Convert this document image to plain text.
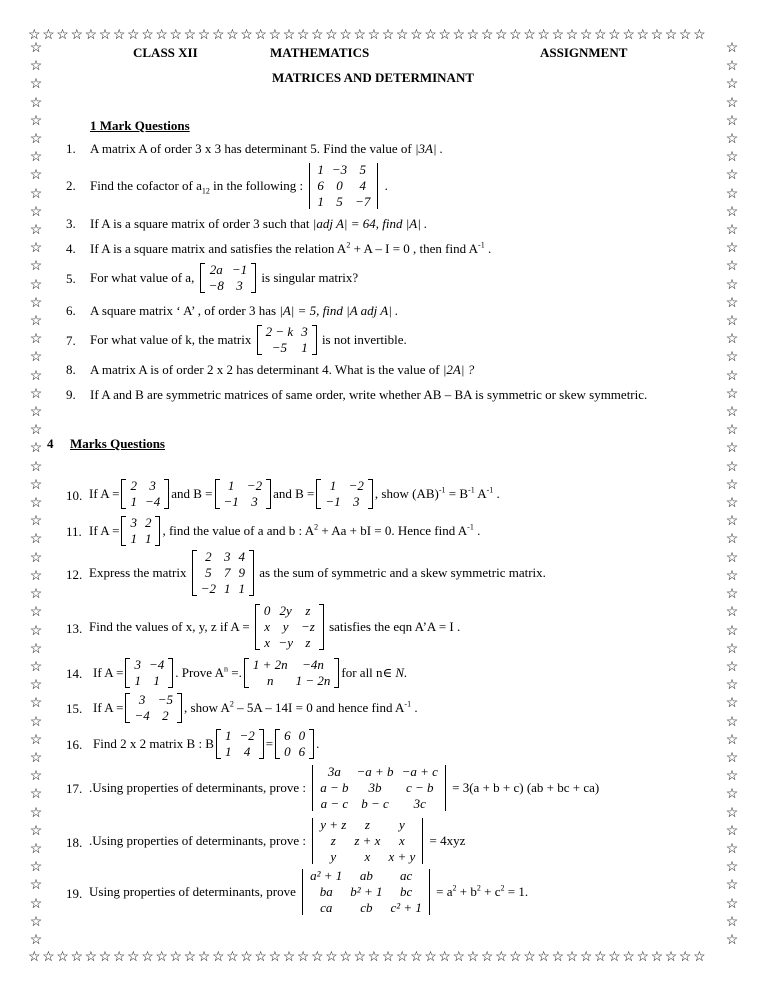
☆☆☆☆☆☆☆☆☆☆☆☆☆☆☆☆☆☆☆☆☆☆☆☆☆☆☆☆☆☆☆☆☆☆☆☆☆☆☆☆☆☆☆☆☆☆☆☆
☆☆☆☆☆☆☆☆☆☆☆☆☆☆☆☆☆☆☆☆☆☆☆☆☆☆☆☆☆☆☆☆☆☆☆☆☆☆☆☆☆☆☆☆☆☆☆☆
☆
☆
☆
☆
☆
☆
☆
☆
☆
☆
☆
☆
☆
☆
☆
☆
☆
☆
☆
☆
☆
☆
☆
☆
☆
☆
☆
☆
☆
☆
☆
☆
☆
☆
☆
☆
☆
☆
☆
☆
☆
☆
☆
☆
☆
☆
☆
☆
☆
☆
☆
☆
☆
☆
☆
☆
☆
☆
☆
☆
☆
☆
☆
☆
☆
☆
☆
☆
☆
☆
☆
☆
☆
☆
☆
☆
☆
☆
☆
☆
☆
☆
☆
☆
☆
☆
☆
☆
☆
☆
☆
☆
☆
☆
☆
☆
☆
☆
☆
☆
CLASS XII	MATHEMATICS	ASSIGNMENT
MATRICES AND DETERMINANT
1 Mark Questions
1. A matrix A of order 3 x 3 has determinant 5. Find the value of |3A| .
2. Find the cofactor of $a_{12}$ in the following :
1	−3	5
6	0	4
1	5	−7
.
3. If A is a square matrix of order 3 such that |adj A| = 64, find |A| .
4. If A is a square matrix and satisfies the relation $A^2 + A - I = 0$ , then find $A^{-1}$ .
5. For what value of a,
2a	−1
−8	3
is singular matrix?
6. A square matrix ‘ A’ , of order 3 has |A| = 5, find |A adj A| .
7. For what value of k, the matrix
2 − k	3
−5	1
is not invertible.
8. A matrix A is of order 2 x 2 has determinant 4. What is the value of |2A| ?
9. If A and B are symmetric matrices of same order, write whether AB – BA is symmetric or skew symmetric.
4 Marks Questions
10. If A =
2	3
1	−4
and B =
1	−2
−1	3
and B =
1	−2
−1	3
, show $(AB)^{-1} = B^{-1}$ $A^{-1}$ .
11. If A =
3	2
1	1
, find the value of a and b : $A^2 + Aa$ + bI = 0. Hence find $A^{-1}$ .
12. Express the matrix
2	3	4
5	7	9
−2	1	1
as the sum of symmetric and a skew symmetric matrix.
13. Find the values of x, y, z if A =
0	2y	z
x	y	−z
x	−y	z
satisfies the eqn A’A = I .
14. If A =
3	−4
1	1
. Prove $A^n$ =.
1 + 2n	−4n
n	1 − 2n
for all n∈ N.
15. If A =
3	−5
−4	2
, show $A^2 - 5A - 14I = 0$ and hence find $A^{-1}$ .
16. Find 2 x 2 matrix B : B
1	−2
1	4
=
6	0
0	6
.
17. .Using properties of determinants, prove :
3a	−a + b	−a + c
a − b	3b	c − b
a − c	b − c	3c
= 3(a + b + c) (ab + bc + ca)
18. .Using properties of determinants, prove :
y + z	z	y
z	z + x	x
y	x	x + y
= 4xyz
19. Using properties of determinants, prove
a² + 1	ab	ac
ba	b² + 1	bc
ca	cb	c² + 1
= $a^2 + b^2 + c^2 = 1$.
